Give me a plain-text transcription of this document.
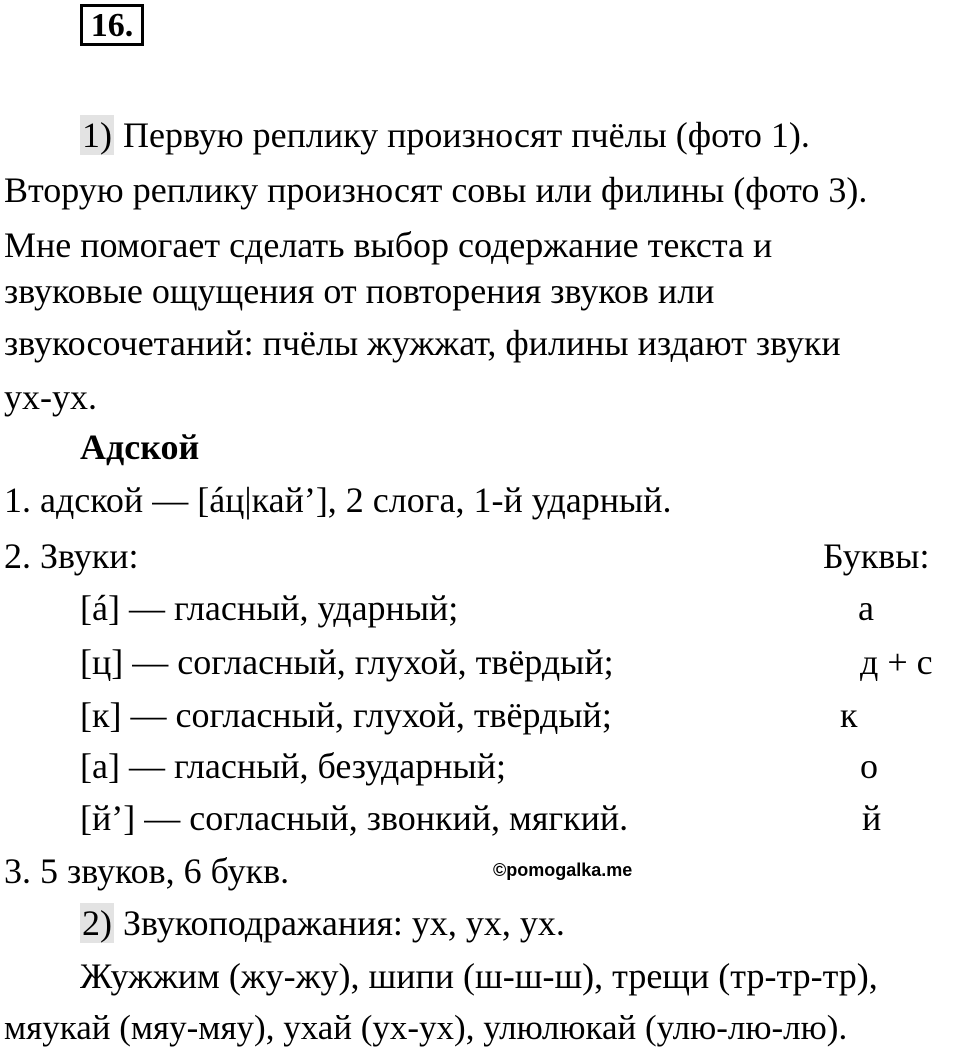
16.
1) Первую реплику произносят пчёлы (фото 1).
Вторую реплику произносят совы или филины (фото 3).
Мне помогает сделать выбор содержание текста и
звуковые ощущения от повторения звуков или
звукосочетаний: пчёлы жужжат, филины издают звуки
ух-ух.
Адской
1. адской — [áц|кай’], 2 слога, 1-й ударный.
2. Звуки:	Буквы:
[á] — гласный, ударный;	а
[ц] — согласный, глухой, твёрдый;	д + с
[к] — согласный, глухой, твёрдый;	к
[а] — гласный, безударный;	о
[й’] — согласный, звонкий, мягкий.	й
3. 5 звуков, 6 букв.	©pomogalka.me
2) Звукоподражания: ух, ух, ух.
Жужжим (жу-жу), шипи (ш-ш-ш), трещи (тр-тр-тр),
мяукай (мяу-мяу), ухай (ух-ух), улюлюкай (улю-лю-лю).
